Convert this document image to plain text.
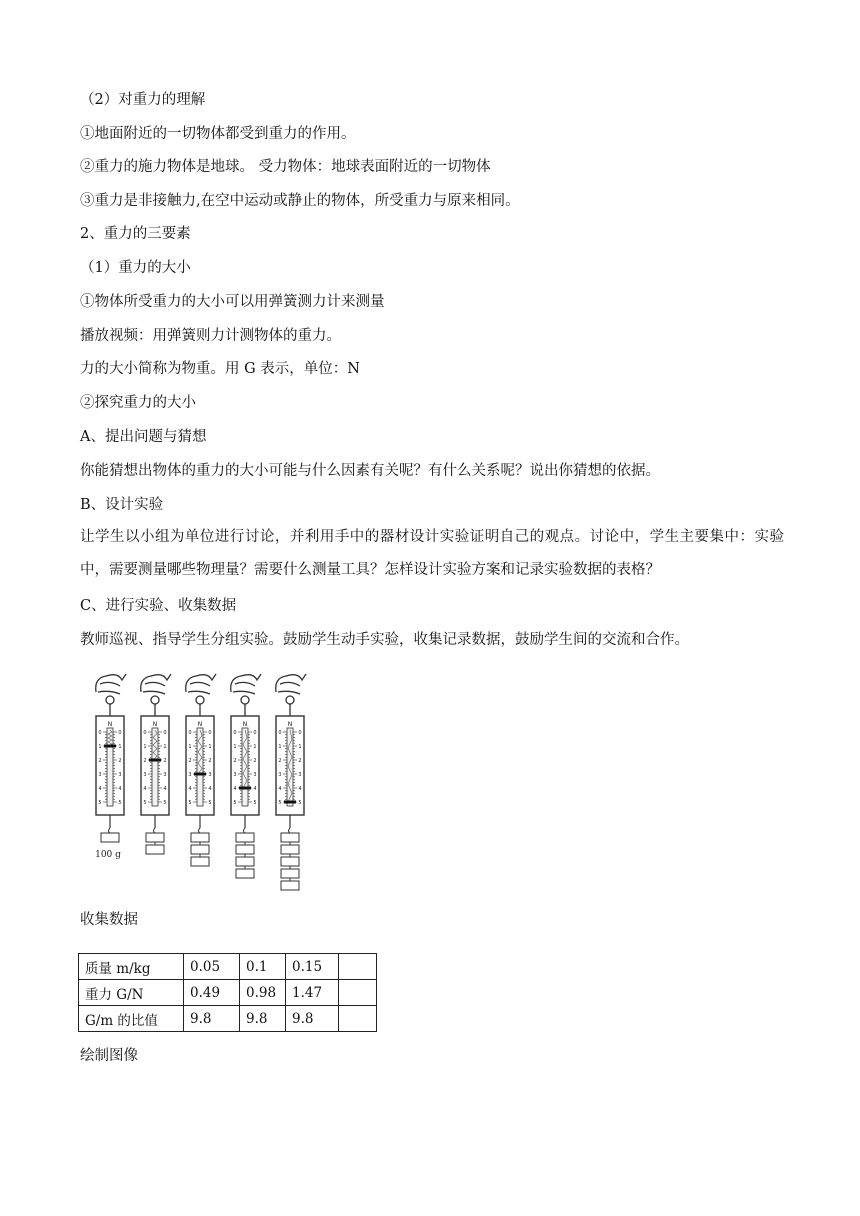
（2）对重力的理解
①地面附近的一切物体都受到重力的作用。
②重力的施力物体是地球。 受力物体：地球表面附近的一切物体
③重力是非接触力,在空中运动或静止的物体，所受重力与原来相同。
2、重力的三要素
（1）重力的大小
①物体所受重力的大小可以用弹簧测力计来测量
播放视频：用弹簧则力计测物体的重力。
力的大小简称为物重。用 G 表示，单位：N
②探究重力的大小
A、提出问题与猜想
你能猜想出物体的重力的大小可能与什么因素有关呢？有什么关系呢？说出你猜想的依据。
B、设计实验
让学生以小组为单位进行讨论，并利用手中的器材设计实验证明自己的观点。讨论中，学生主要集中：实验中，需要测量哪些物理量？需要什么测量工具？怎样设计实验方案和记录实验数据的表格？
C、进行实验、收集数据
教师巡视、指导学生分组实验。鼓励学生动手实验，收集记录数据，鼓励学生间的交流和合作。
N
0	0
1	1
2	2
3	3
4	4
5	5
100 g
N
0	0
1	1
2	2
3	3
4	4
5	5
N
0	0
1	1
2	2
3	3
4	4
5	5
N
0	0
1	1
2	2
3	3
4	4
5	5
N
0	0
1	1
2	2
3	3
4	4
5	5
收集数据
质量 m/kg	0.05	0.1	0.15	
重力 G/N	0.49	0.98	1.47	
G/m 的比值	9.8	9.8	9.8	
绘制图像
